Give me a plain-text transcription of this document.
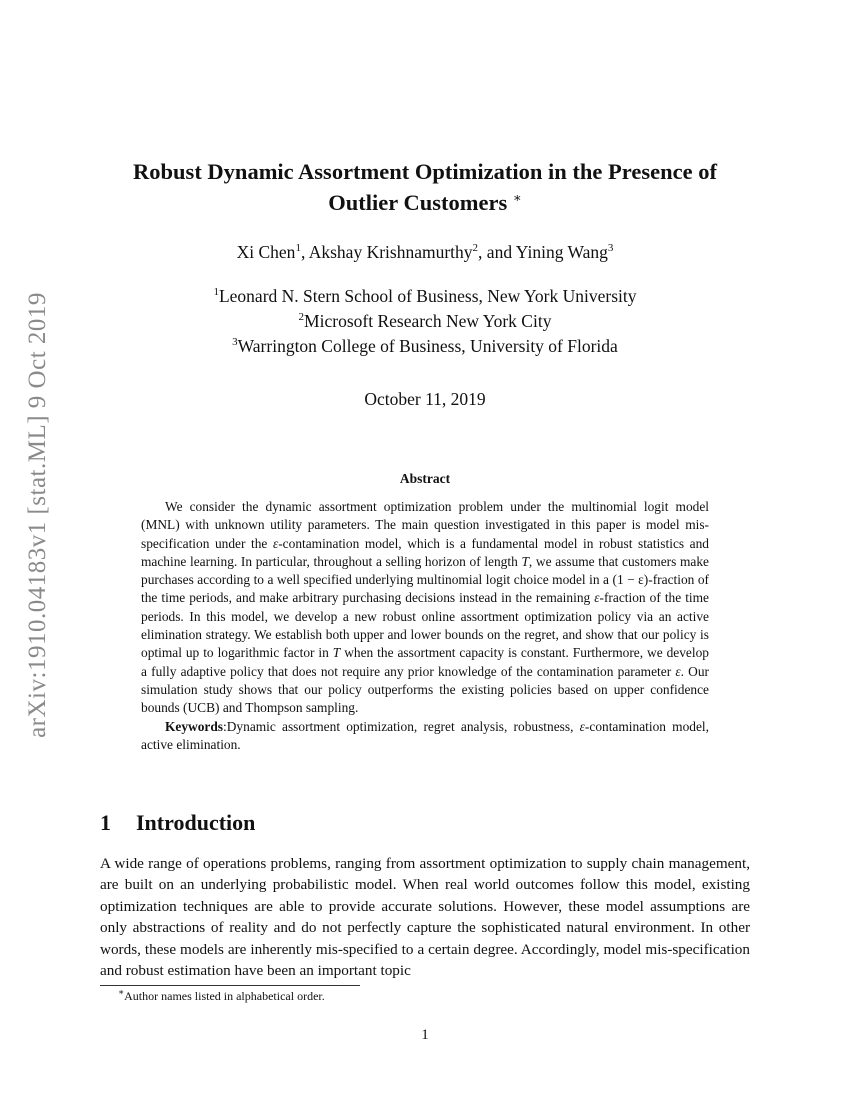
arXiv:1910.04183v1 [stat.ML] 9 Oct 2019
Robust Dynamic Assortment Optimization in the Presence of
Outlier Customers ∗
Xi Chen$^1$, Akshay Krishnamurthy$^2$, and Yining Wang$^3$
$^1$Leonard N. Stern School of Business, New York University
$^2$Microsoft Research New York City
$^3$Warrington College of Business, University of Florida
October 11, 2019
Abstract

We consider the dynamic assortment optimization problem under the multinomial logit model (MNL) with unknown utility parameters. The main question investigated in this paper is model mis-specification under the ε-contamination model, which is a fundamental model in robust statistics and machine learning. In particular, throughout a selling horizon of length T, we assume that customers make purchases according to a well specified underlying multinomial logit choice model in a (1 − ε)-fraction of the time periods, and make arbitrary purchasing decisions instead in the remaining ε-fraction of the time periods. In this model, we develop a new robust online assortment optimization policy via an active elimination strategy. We establish both upper and lower bounds on the regret, and show that our policy is optimal up to logarithmic factor in T when the assortment capacity is constant. Furthermore, we develop a fully adaptive policy that does not require any prior knowledge of the contamination parameter ε. Our simulation study shows that our policy outperforms the existing policies based on upper confidence bounds (UCB) and Thompson sampling.

Keywords:Dynamic assortment optimization, regret analysis, robustness, ε-contamination model, active elimination.

1 Introduction

A wide range of operations problems, ranging from assortment optimization to supply chain management, are built on an underlying probabilistic model. When real world outcomes follow this model, existing optimization techniques are able to provide accurate solutions. However, these model assumptions are only abstractions of reality and do not perfectly capture the sophisticated natural environment. In other words, these models are inherently mis-specified to a certain degree. Accordingly, model mis-specification and robust estimation have been an important topic

∗Author names listed in alphabetical order.
1
